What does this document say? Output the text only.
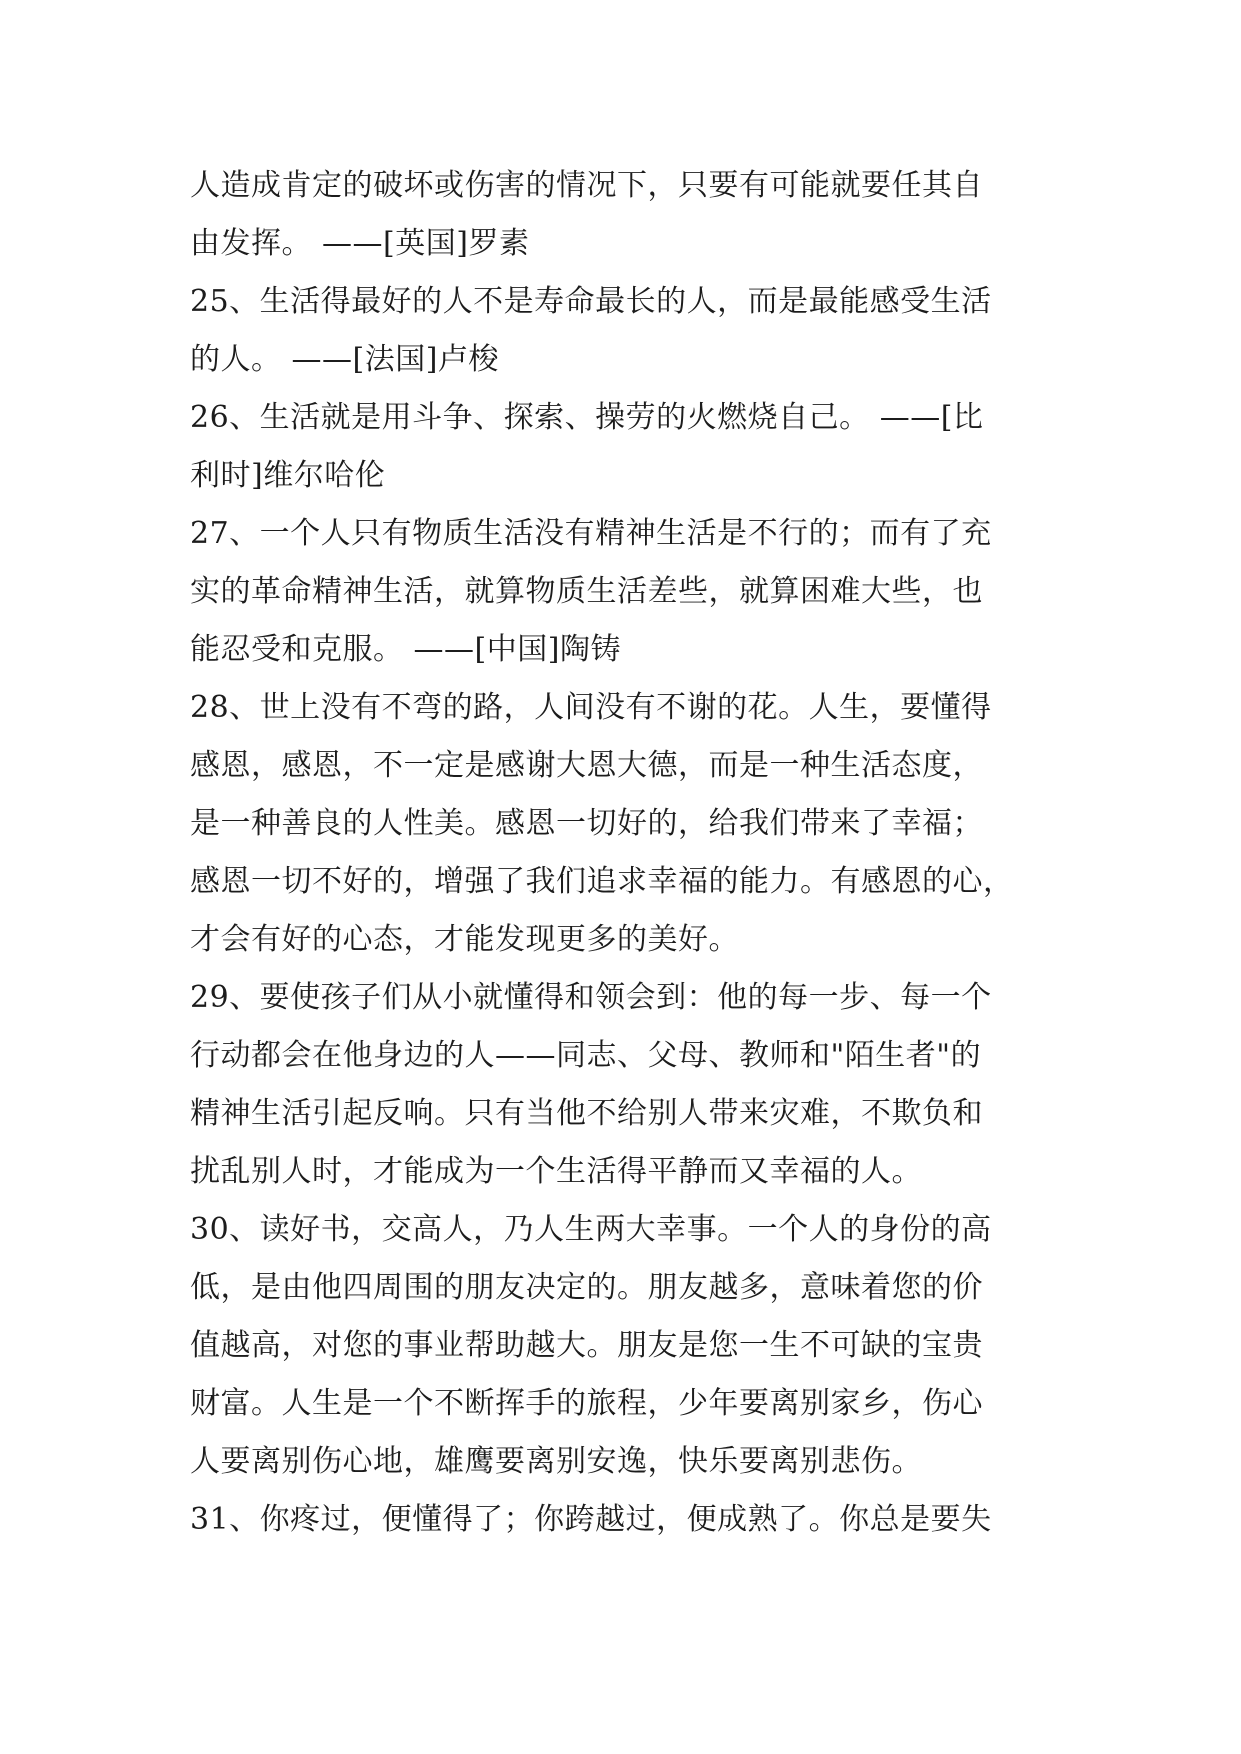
人造成肯定的破坏或伤害的情况下，只要有可能就要任其自
由发挥。 ——[英国]罗素
25、生活得最好的人不是寿命最长的人，而是最能感受生活
的人。 ——[法国]卢梭
26、生活就是用斗争、探索、操劳的火燃烧自己。 ——[比
利时]维尔哈伦
27、一个人只有物质生活没有精神生活是不行的；而有了充
实的革命精神生活，就算物质生活差些，就算困难大些，也
能忍受和克服。 ——[中国]陶铸
28、世上没有不弯的路，人间没有不谢的花。人生，要懂得
感恩，感恩，不一定是感谢大恩大德，而是一种生活态度，
是一种善良的人性美。感恩一切好的，给我们带来了幸福；
感恩一切不好的，增强了我们追求幸福的能力。有感恩的心，
才会有好的心态，才能发现更多的美好。
29、要使孩子们从小就懂得和领会到：他的每一步、每一个
行动都会在他身边的人——同志、父母、教师和"陌生者"的
精神生活引起反响。只有当他不给别人带来灾难，不欺负和
扰乱别人时，才能成为一个生活得平静而又幸福的人。
30、读好书，交高人，乃人生两大幸事。一个人的身份的高
低，是由他四周围的朋友决定的。朋友越多，意味着您的价
值越高，对您的事业帮助越大。朋友是您一生不可缺的宝贵
财富。人生是一个不断挥手的旅程，少年要离别家乡，伤心
人要离别伤心地，雄鹰要离别安逸，快乐要离别悲伤。
31、你疼过，便懂得了；你跨越过，便成熟了。你总是要失
